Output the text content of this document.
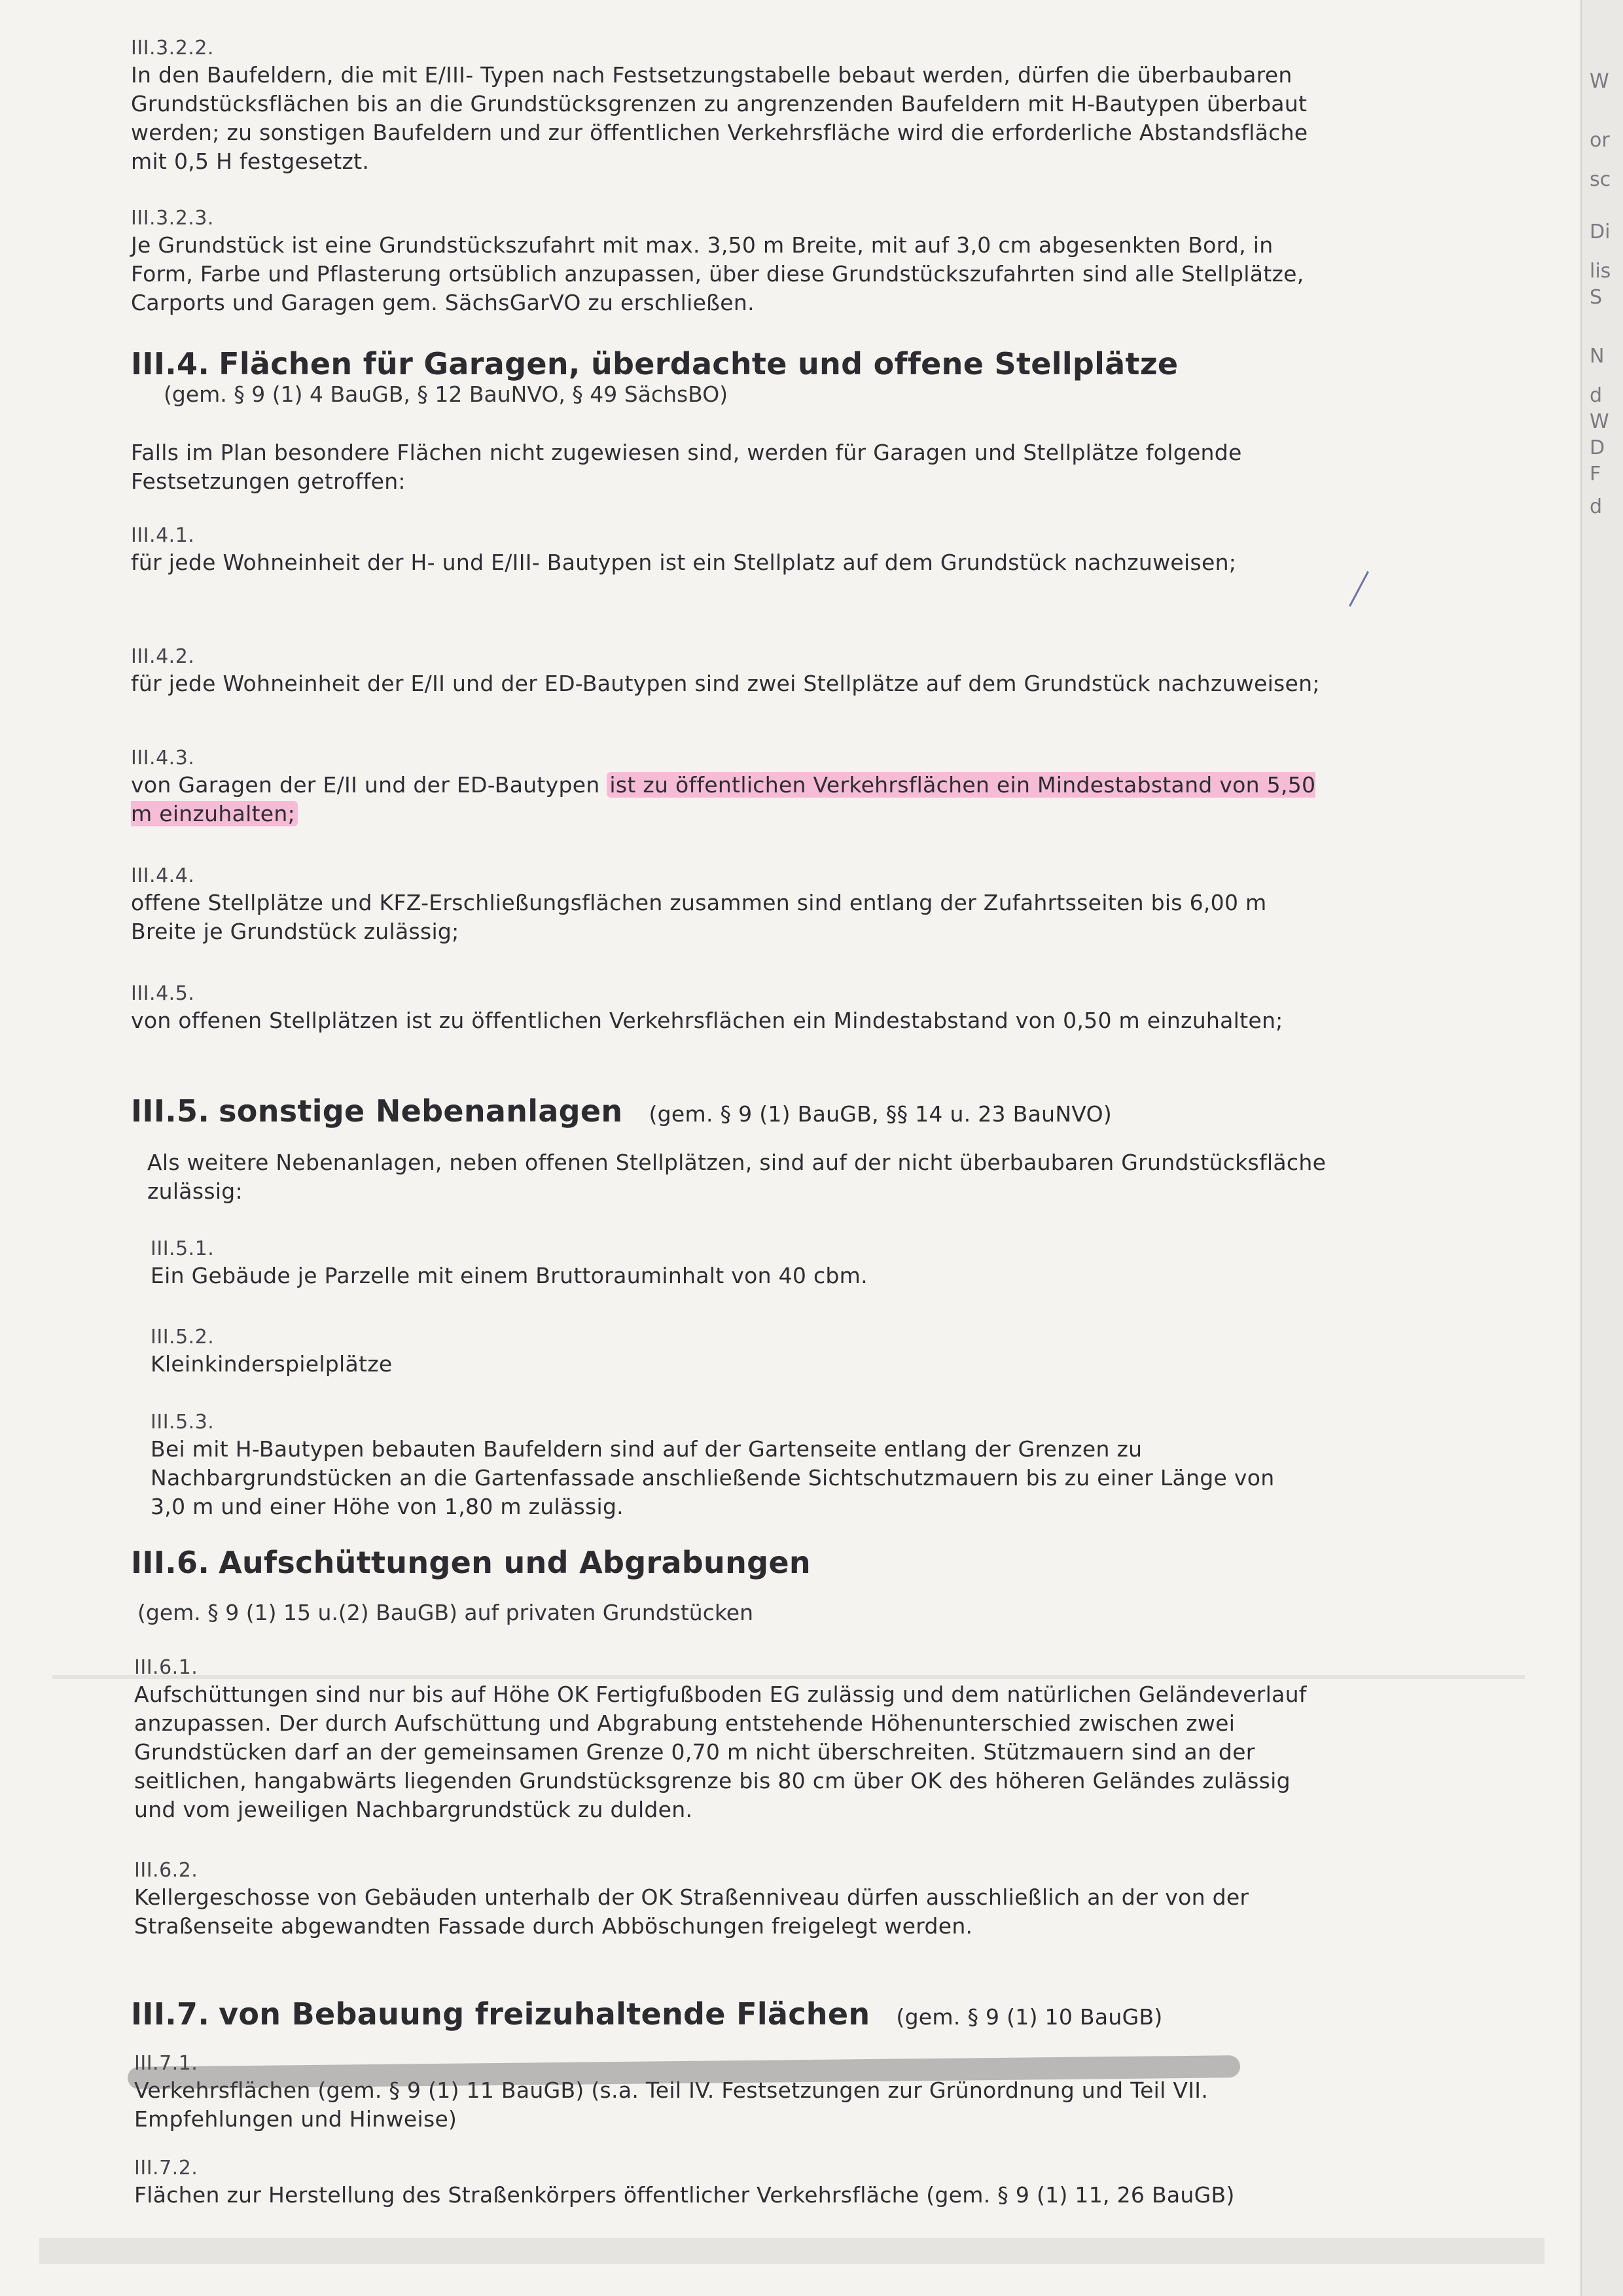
W
or
sc
Di
lis
S
N
d
W
D
F
d
III.3.2.2.

In den Baufeldern, die mit E/III- Typen nach Festsetzungstabelle bebaut werden, dürfen die überbaubaren Grundstücksflächen bis an die Grundstücksgrenzen zu angrenzenden Baufeldern mit H-Bautypen überbaut werden; zu sonstigen Baufeldern und zur öffentlichen Verkehrsfläche wird die erforderliche Abstandsfläche mit 0,5 H festgesetzt.

III.3.2.3.

Je Grundstück ist eine Grundstückszufahrt mit max. 3,50 m Breite, mit auf 3,0 cm abgesenkten Bord, in Form, Farbe und Pflasterung ortsüblich anzupassen, über diese Grundstückszufahrten sind alle Stellplätze, Carports und Garagen gem. SächsGarVO zu erschließen.

III.4. Flächen für Garagen, überdachte und offene Stellplätze
(gem. § 9 (1) 4 BauGB, § 12 BauNVO, § 49 SächsBO)

Falls im Plan besondere Flächen nicht zugewiesen sind, werden für Garagen und Stellplätze folgende Festsetzungen getroffen:

III.4.1.

für jede Wohneinheit der H- und E/III- Bautypen ist ein Stellplatz auf dem Grundstück nachzuweisen;

III.4.2.

für jede Wohneinheit der E/II und der ED-Bautypen sind zwei Stellplätze auf dem Grundstück nachzuweisen;

III.4.3.

von Garagen der E/II und der ED-Bautypen ist zu öffentlichen Verkehrsflächen ein Mindestabstand von 5,50 m einzuhalten;

III.4.4.

offene Stellplätze und KFZ-Erschließungsflächen zusammen sind entlang der Zufahrtsseiten bis 6,00 m Breite je Grundstück zulässig;

III.4.5.

von offenen Stellplätzen ist zu öffentlichen Verkehrsflächen ein Mindestabstand von 0,50 m einzuhalten;

III.5. sonstige Nebenanlagen (gem. § 9 (1) BauGB, §§ 14 u. 23 BauNVO)

Als weitere Nebenanlagen, neben offenen Stellplätzen, sind auf der nicht überbaubaren Grundstücksfläche zulässig:

III.5.1.

Ein Gebäude je Parzelle mit einem Bruttorauminhalt von 40 cbm.

III.5.2.

Kleinkinderspielplätze

III.5.3.

Bei mit H-Bautypen bebauten Baufeldern sind auf der Gartenseite entlang der Grenzen zu Nachbargrundstücken an die Gartenfassade anschließende Sichtschutzmauern bis zu einer Länge von 3,0 m und einer Höhe von 1,80 m zulässig.

III.6. Aufschüttungen und Abgrabungen
(gem. § 9 (1) 15 u.(2) BauGB) auf privaten Grundstücken
III.6.1.

Aufschüttungen sind nur bis auf Höhe OK Fertigfußboden EG zulässig und dem natürlichen Geländeverlauf anzupassen. Der durch Aufschüttung und Abgrabung entstehende Höhenunterschied zwischen zwei Grundstücken darf an der gemeinsamen Grenze 0,70 m nicht überschreiten. Stützmauern sind an der seitlichen, hangabwärts liegenden Grundstücksgrenze bis 80 cm über OK des höheren Geländes zulässig und vom jeweiligen Nachbargrundstück zu dulden.

III.6.2.

Kellergeschosse von Gebäuden unterhalb der OK Straßenniveau dürfen ausschließlich an der von der Straßenseite abgewandten Fassade durch Abböschungen freigelegt werden.

III.7. von Bebauung freizuhaltende Flächen (gem. § 9 (1) 10 BauGB)
III.7.1.

Verkehrsflächen (gem. § 9 (1) 11 BauGB) (s.a. Teil IV. Festsetzungen zur Grünordnung und Teil VII. Empfehlungen und Hinweise)

III.7.2.

Flächen zur Herstellung des Straßenkörpers öffentlicher Verkehrsfläche (gem. § 9 (1) 11, 26 BauGB)
